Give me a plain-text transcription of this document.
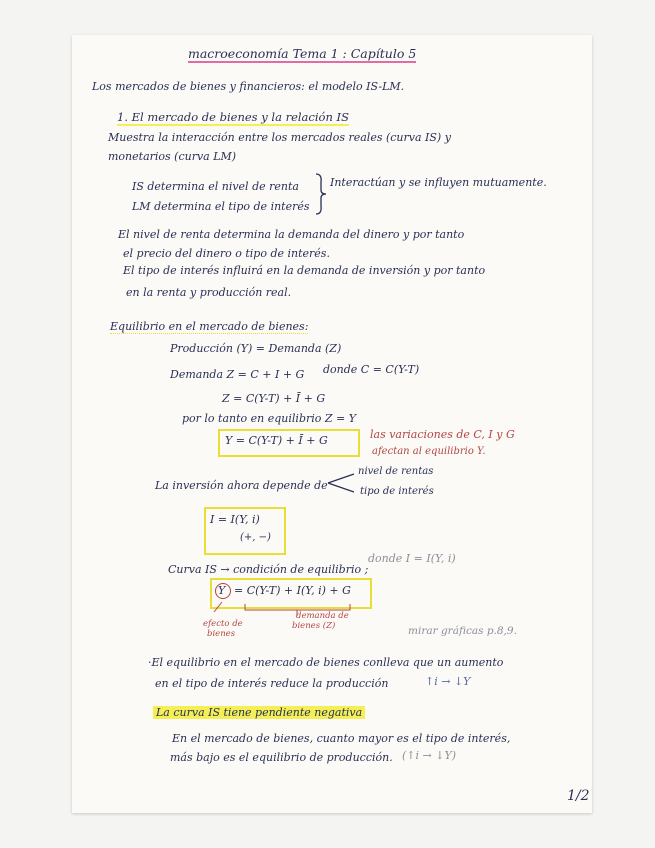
macroeconomía Tema 1 : Capítulo 5
Los mercados de bienes y financieros: el modelo IS-LM.
1. El mercado de bienes y la relación IS
Muestra la interacción entre los mercados reales (curva IS) y
monetarios (curva LM)
IS determina el nivel de renta
LM determina el tipo de interés
Interactúan y se influyen mutuamente.
El nivel de renta determina la demanda del dinero y por tanto
el precio del dinero o tipo de interés.
El tipo de interés influirá en la demanda de inversión y por tanto
en la renta y producción real.
Equilibrio en el mercado de bienes:
Producción (Y) = Demanda (Z)
Demanda Z = C + I + G donde C = C(Y-T)
Z = C(Y-T) + Ī + G
por lo tanto en equilibrio Z = Y
Y = C(Y-T) + Ī + G	las variaciones de C, I y G
afectan al equilibrio Y.
La inversión ahora depende de
nivel de rentas
tipo de interés
I = I(Y, i)
(+, −)
Curva IS → condición de equilibrio ;
donde I = I(Y, i)
Y = C(Y-T) + I(Y, i) + G
efecto de
bienes
demanda de
bienes (Z)	mirar gráficas p.8,9.
·El equilibrio en el mercado de bienes conlleva que un aumento
en el tipo de interés reduce la producción	↑i → ↓Y
La curva IS tiene pendiente negativa
En el mercado de bienes, cuanto mayor es el tipo de interés,
más bajo es el equilibrio de producción. (↑i → ↓Y)
1/2
